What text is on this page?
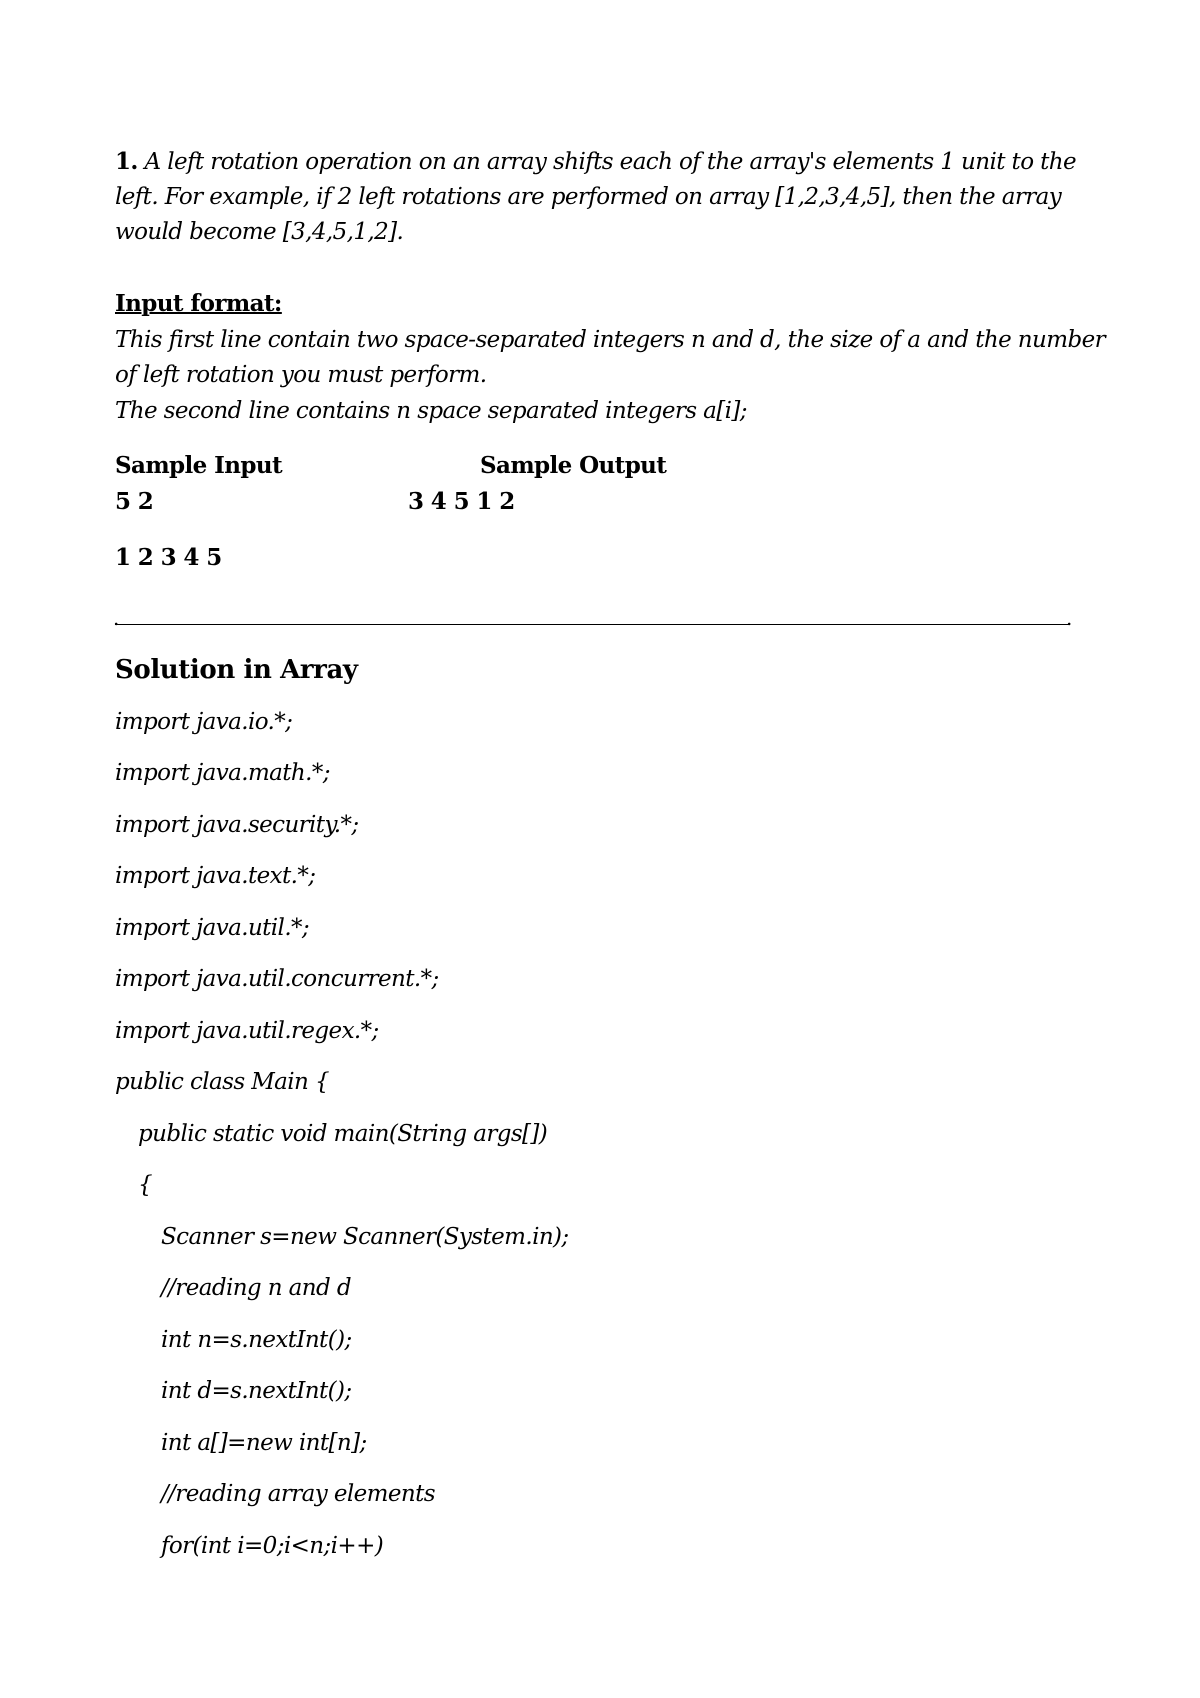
1. A left rotation operation on an array shifts each of the array's elements 1 unit to the

left. For example, if 2 left rotations are performed on array [1,2,3,4,5], then the array

would become [3,4,5,1,2].

Input format:

This first line contain two space-separated integers n and d, the size of a and the number

of left rotation you must perform.

The second line contains n space separated integers a[i];

Sample Input	Sample Output

5 2	3 4 5 1 2

1 2 3 4 5

.	.

Solution in Array

import java.io.*;

import java.math.*;

import java.security.*;

import java.text.*;

import java.util.*;

import java.util.concurrent.*;

import java.util.regex.*;

public class Main {

public static void main(String args[])

{

Scanner s=new Scanner(System.in);

//reading n and d

int n=s.nextInt();

int d=s.nextInt();

int a[]=new int[n];

//reading array elements

for(int i=0;i<n;i++)
